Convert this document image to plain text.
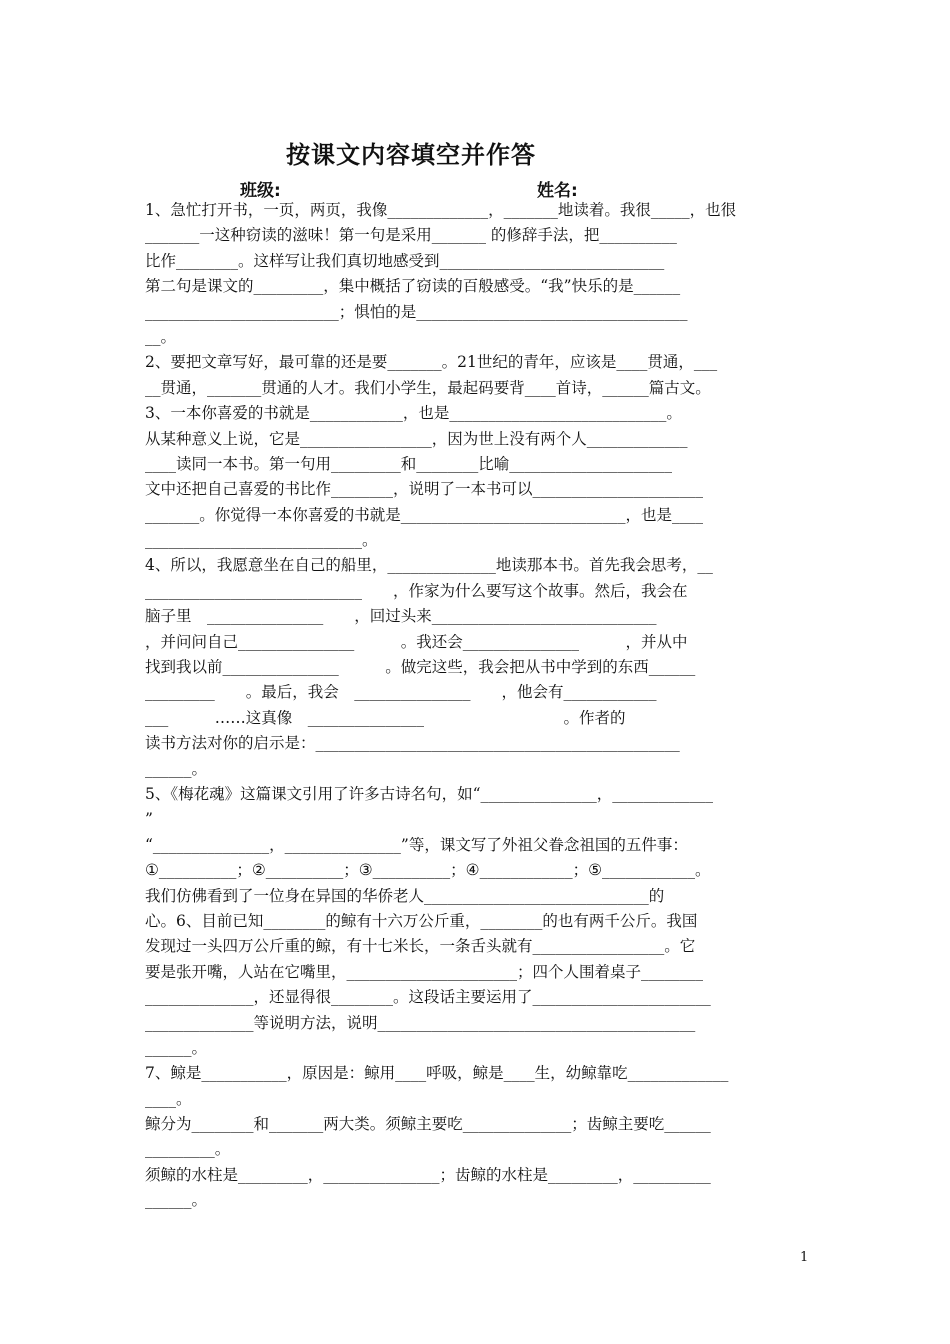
按课文内容填空并作答
班级:	姓名:
1、急忙打开书，一页，两页，我像_____________，_______地读着。我很_____，也很
_______一这种窃读的滋味！第一句是采用_______ 的修辞手法，把__________
比作________。这样写让我们真切地感受到_____________________________
第二句是课文的_________，集中概括了窃读的百般感受。“我”快乐的是______
_________________________；惧怕的是___________________________________
__。
2、要把文章写好，最可靠的还是要_______。21世纪的青年，应该是____贯通，___
__贯通，_______贯通的人才。我们小学生，最起码要背____首诗，______篇古文。
3、一本你喜爱的书就是____________，也是____________________________。
从某种意义上说，它是_________________，因为世上没有两个人_____________
____读同一本书。第一句用_________和________比喻_____________________
文中还把自己喜爱的书比作________，说明了一本书可以______________________
_______。你觉得一本你喜爱的书就是_____________________________，也是____
____________________________。
4、所以，我愿意坐在自己的船里，______________地读那本书。首先我会思考，__
____________________________　　，作家为什么要写这个故事。然后，我会在
脑子里　_______________　　，回过头来_____________________________
，并问问自己_______________　　　。我还会_______________　　　，并从中
找到我以前_______________　　　。做完这些，我会把从书中学到的东西______
_________　　。最后，我会　_______________　　，他会有____________
___　　　……这真像　_______________　　　　　　　　　。作者的
读书方法对你的启示是：_______________________________________________
______。
5、《梅花魂》这篇课文引用了许多古诗名句，如“_______________，_____________
”
“_______________，_______________”等，课文写了外祖父眷念祖国的五件事：
①__________；②__________；③__________；④____________；⑤____________。
我们仿佛看到了一位身在异国的华侨老人_____________________________的
心。6、目前已知________的鲸有十六万公斤重，________的也有两千公斤。我国
发现过一头四万公斤重的鲸，有十七米长，一条舌头就有_________________。它
要是张开嘴，人站在它嘴里，______________________；四个人围着桌子________
______________，还显得很________。这段话主要运用了_______________________
______________等说明方法，说明_________________________________________
______。
7、鲸是___________，原因是：鲸用____呼吸，鲸是____生，幼鲸靠吃_____________
____。
鲸分为________和_______两大类。须鲸主要吃______________；齿鲸主要吃______
_________。
须鲸的水柱是_________，_______________；齿鲸的水柱是_________，__________
______。
1
